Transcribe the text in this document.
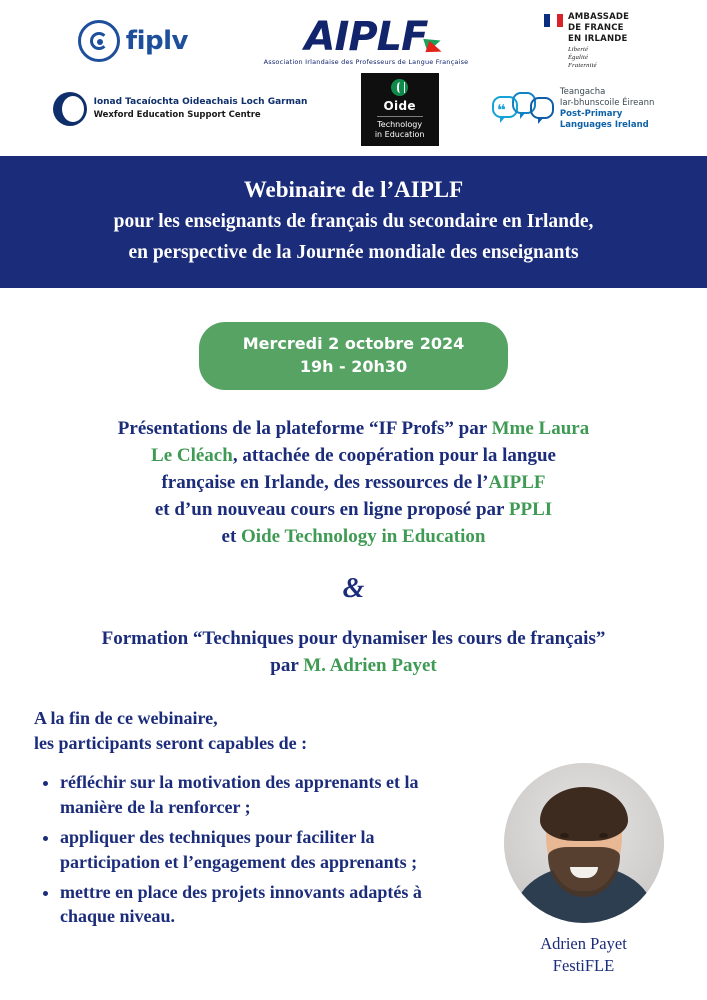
fiplv	AIPLF
Association Irlandaise des Professeurs de Langue Française
AMBASSADE
DE FRANCE
EN IRLANDE
Liberté
Égalité
Fraternité
Ionad Tacaíochta Oideachais Loch Garman
Wexford Education Support Centre
Oide
Technology
in Education
❝
Teangacha
Iar-bhunscoile Éireann
Post-Primary
Languages Ireland
Webinaire de l’AIPLF
pour les enseignants de français du secondaire en Irlande,
en perspective de la Journée mondiale des enseignants
Mercredi 2 octobre 2024
19h - 20h30
Présentations de la plateforme “IF Profs” par Mme Laura
Le Cléach, attachée de coopération pour la langue
française en Irlande, des ressources de l’AIPLF
et d’un nouveau cours en ligne proposé par PPLI
et Oide Technology in Education
&
Formation “Techniques pour dynamiser les cours de français”
par M. Adrien Payet
A la fin de ce webinaire,
les participants seront capables de :
• réfléchir sur la motivation des apprenants et la manière de la renforcer ;
• appliquer des techniques pour faciliter la participation et l’engagement des apprenants ;
• mettre en place des projets innovants adaptés à chaque niveau.
Adrien Payet
FestiFLE
